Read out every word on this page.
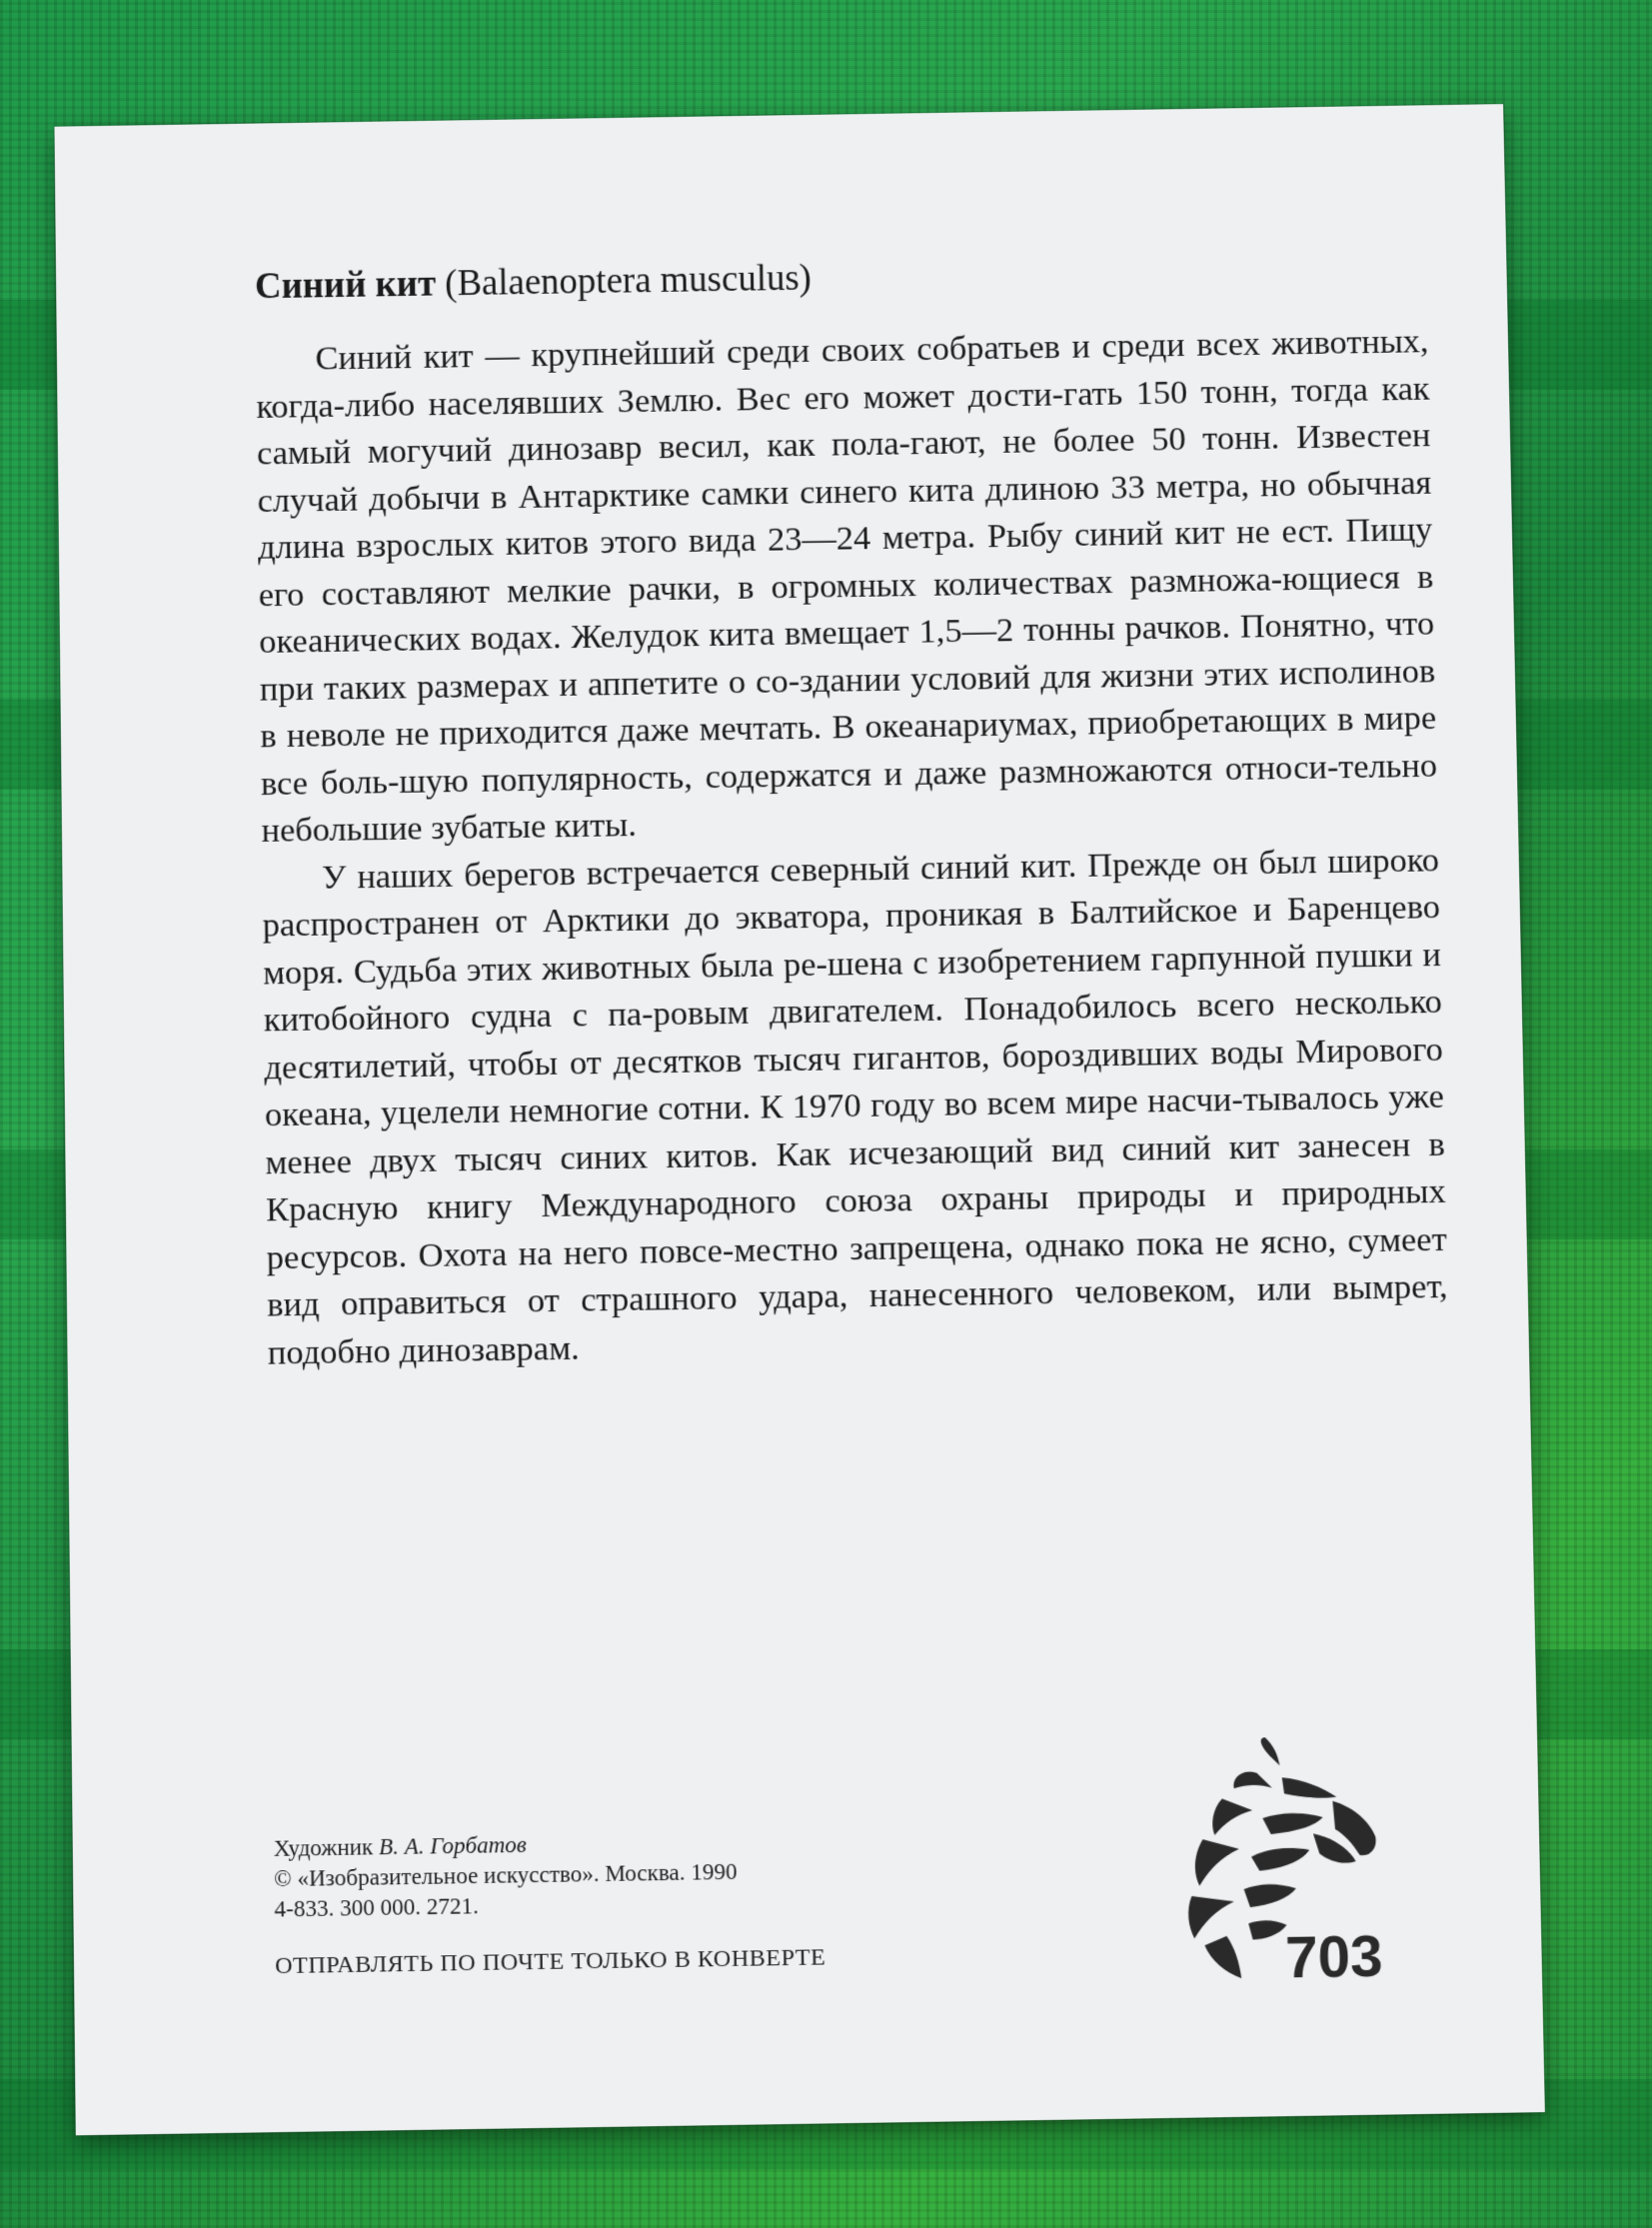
Синий кит (Balaenoptera musculus)

Синий кит — крупнейший среди своих собратьев и среди всех животных, когда-либо населявших Землю. Вес его может дости-гать 150 тонн, тогда как самый могучий динозавр весил, как пола-гают, не более 50 тонн. Известен случай добычи в Антарктике самки синего кита длиною 33 метра, но обычная длина взрослых китов этого вида 23—24 метра. Рыбу синий кит не ест. Пищу его составляют мелкие рачки, в огромных количествах размножа-ющиеся в океанических водах. Желудок кита вмещает 1,5—2 тонны рачков. Понятно, что при таких размерах и аппетите о со-здании условий для жизни этих исполинов в неволе не приходится даже мечтать. В океанариумах, приобретающих в мире все боль-шую популярность, содержатся и даже размножаются относи-тельно небольшие зубатые киты.

У наших берегов встречается северный синий кит. Прежде он был широко распространен от Арктики до экватора, проникая в Балтийское и Баренцево моря. Судьба этих животных была ре-шена с изобретением гарпунной пушки и китобойного судна с па-ровым двигателем. Понадобилось всего несколько десятилетий, чтобы от десятков тысяч гигантов, бороздивших воды Мирового океана, уцелели немногие сотни. К 1970 году во всем мире насчи-тывалось уже менее двух тысяч синих китов. Как исчезающий вид синий кит занесен в Красную книгу Международного союза охраны природы и природных ресурсов. Охота на него повсе-местно запрещена, однако пока не ясно, сумеет вид оправиться от страшного удара, нанесенного человеком, или вымрет, подобно динозаврам.

Художник В. А. Горбатов
© «Изобразительное искусство». Москва. 1990
4-833. 300 000. 2721.
ОТПРАВЛЯТЬ ПО ПОЧТЕ ТОЛЬКО В КОНВЕРТЕ	703
